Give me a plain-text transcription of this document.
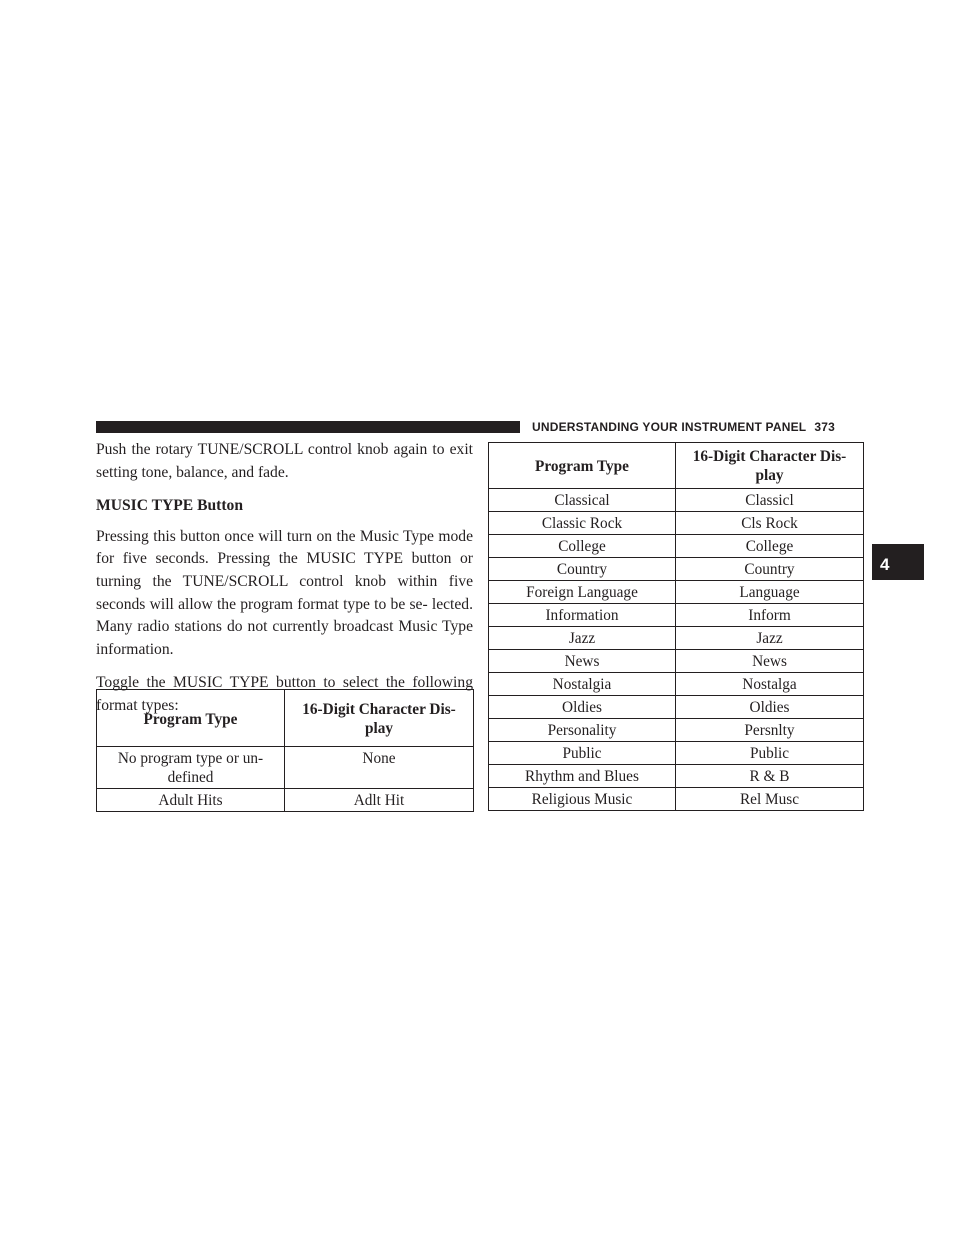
UNDERSTANDING YOUR INSTRUMENT PANEL 373
4

Push the rotary TUNE/SCROLL control knob again to exit setting tone, balance, and fade.

MUSIC TYPE Button

Pressing this button once will turn on the Music Type mode for five seconds. Pressing the MUSIC TYPE button or turning the TUNE/SCROLL control knob within five seconds will allow the program format type to be se- lected. Many radio stations do not currently broadcast Music Type information.

Toggle the MUSIC TYPE button to select the following format types:

Program Type	16-Digit Character Dis- play
No program type or un- defined	None
Adult Hits	Adlt Hit
Program Type	16-Digit Character Dis- play
Classical	Classicl
Classic Rock	Cls Rock
College	College
Country	Country
Foreign Language	Language
Information	Inform
Jazz	Jazz
News	News
Nostalgia	Nostalga
Oldies	Oldies
Personality	Persnlty
Public	Public
Rhythm and Blues	R & B
Religious Music	Rel Musc
